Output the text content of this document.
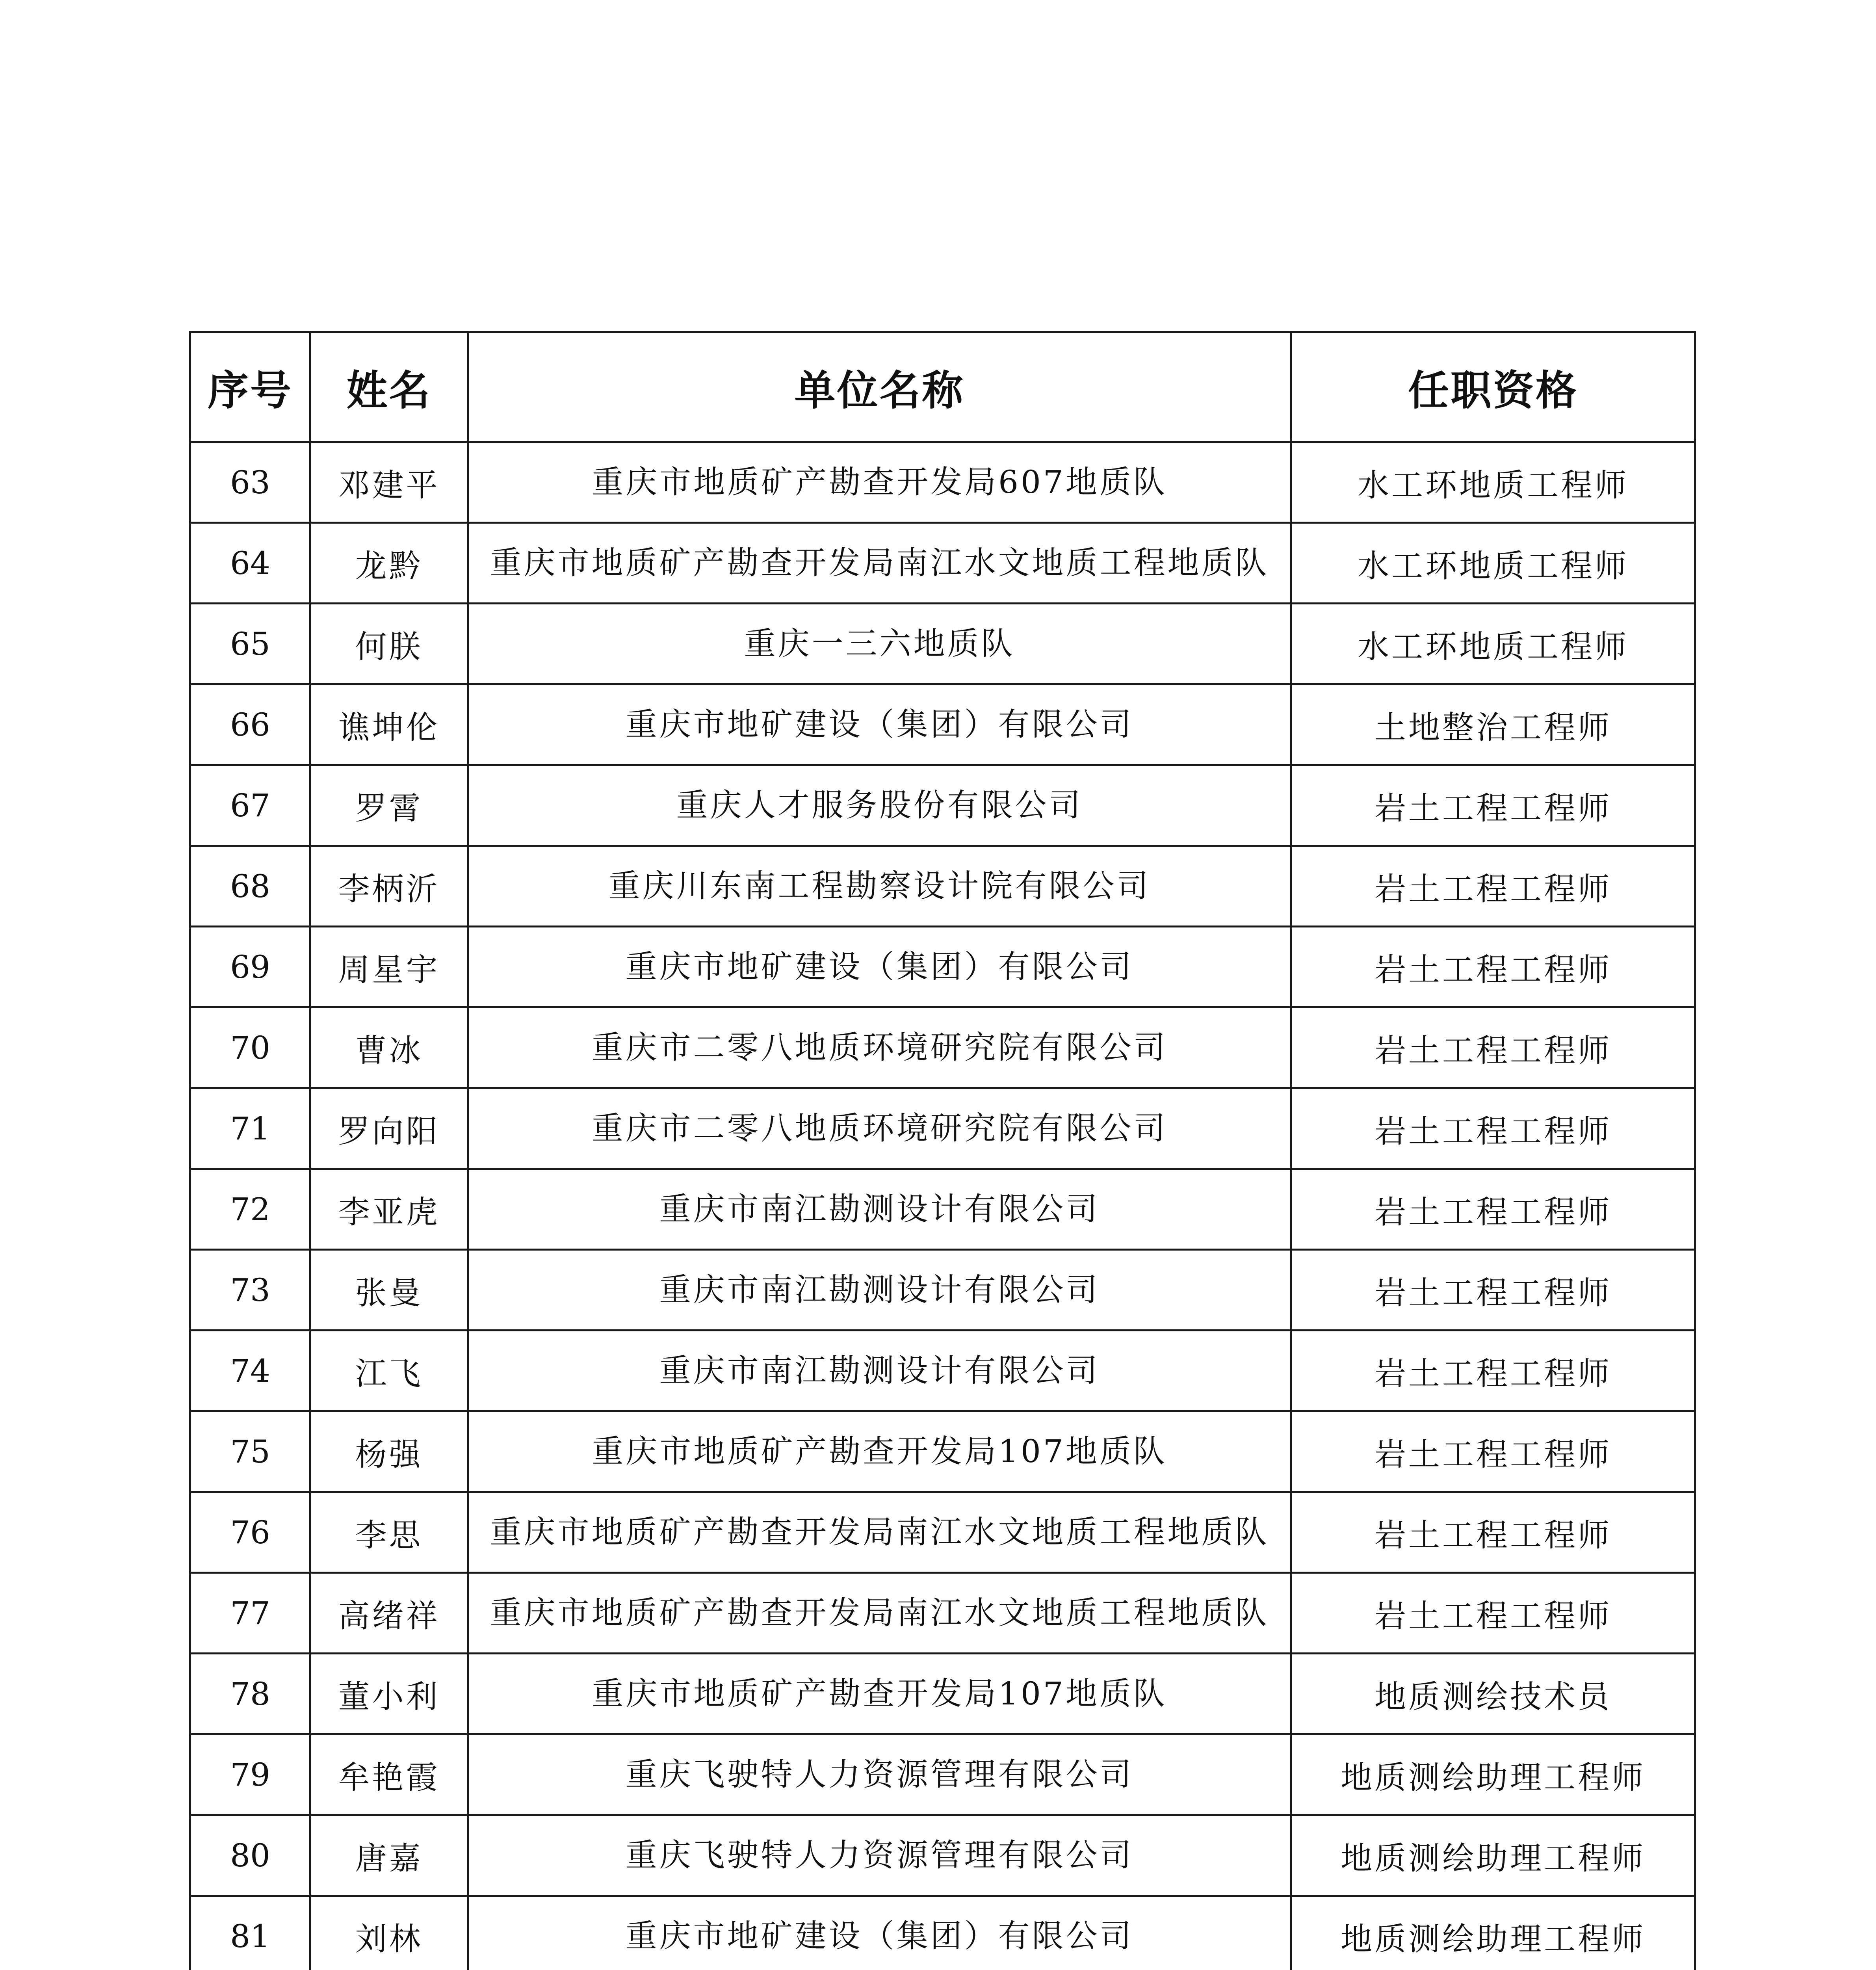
序号	姓名	单位名称	任职资格
63	邓建平	重庆市地质矿产勘查开发局607地质队	水工环地质工程师
64	龙黔	重庆市地质矿产勘查开发局南江水文地质工程地质队	水工环地质工程师
65	何朕	重庆一三六地质队	水工环地质工程师
66	谯坤伦	重庆市地矿建设（集团）有限公司	土地整治工程师
67	罗霄	重庆人才服务股份有限公司	岩土工程工程师
68	李柄沂	重庆川东南工程勘察设计院有限公司	岩土工程工程师
69	周星宇	重庆市地矿建设（集团）有限公司	岩土工程工程师
70	曹冰	重庆市二零八地质环境研究院有限公司	岩土工程工程师
71	罗向阳	重庆市二零八地质环境研究院有限公司	岩土工程工程师
72	李亚虎	重庆市南江勘测设计有限公司	岩土工程工程师
73	张曼	重庆市南江勘测设计有限公司	岩土工程工程师
74	江飞	重庆市南江勘测设计有限公司	岩土工程工程师
75	杨强	重庆市地质矿产勘查开发局107地质队	岩土工程工程师
76	李思	重庆市地质矿产勘查开发局南江水文地质工程地质队	岩土工程工程师
77	高绪祥	重庆市地质矿产勘查开发局南江水文地质工程地质队	岩土工程工程师
78	董小利	重庆市地质矿产勘查开发局107地质队	地质测绘技术员
79	牟艳霞	重庆飞驶特人力资源管理有限公司	地质测绘助理工程师
80	唐嘉	重庆飞驶特人力资源管理有限公司	地质测绘助理工程师
81	刘林	重庆市地矿建设（集团）有限公司	地质测绘助理工程师
